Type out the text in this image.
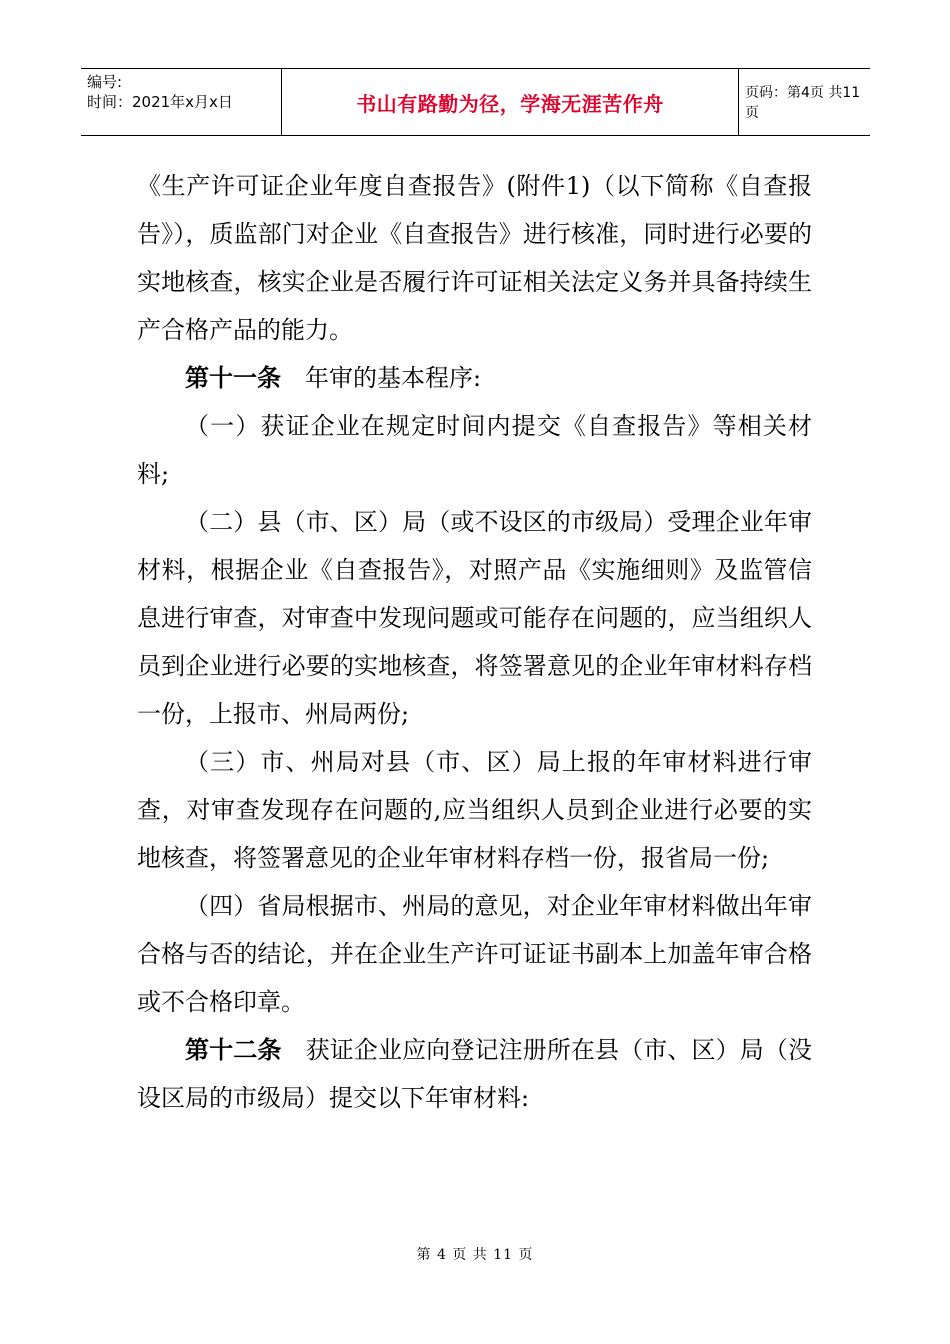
编号:
时间：2021年x月x日	书山有路勤为径，学海无涯苦作舟	页码：第4页 共11页

《生产许可证企业年度自查报告》(附件1)（以下简称《自查报告》），质监部门对企业《自查报告》进行核准，同时进行必要的实地核查，核实企业是否履行许可证相关法定义务并具备持续生产合格产品的能力。

第十一条　年审的基本程序:

（一）获证企业在规定时间内提交《自查报告》等相关材料;

（二）县（市、区）局（或不设区的市级局）受理企业年审材料，根据企业《自查报告》，对照产品《实施细则》及监管信息进行审查，对审查中发现问题或可能存在问题的，应当组织人员到企业进行必要的实地核查，将签署意见的企业年审材料存档一份，上报市、州局两份;

（三）市、州局对县（市、区）局上报的年审材料进行审查，对审查发现存在问题的,应当组织人员到企业进行必要的实地核查，将签署意见的企业年审材料存档一份，报省局一份;

（四）省局根据市、州局的意见，对企业年审材料做出年审合格与否的结论，并在企业生产许可证证书副本上加盖年审合格或不合格印章。

第十二条　获证企业应向登记注册所在县（市、区）局（没设区局的市级局）提交以下年审材料:

第 4 页 共 11 页
